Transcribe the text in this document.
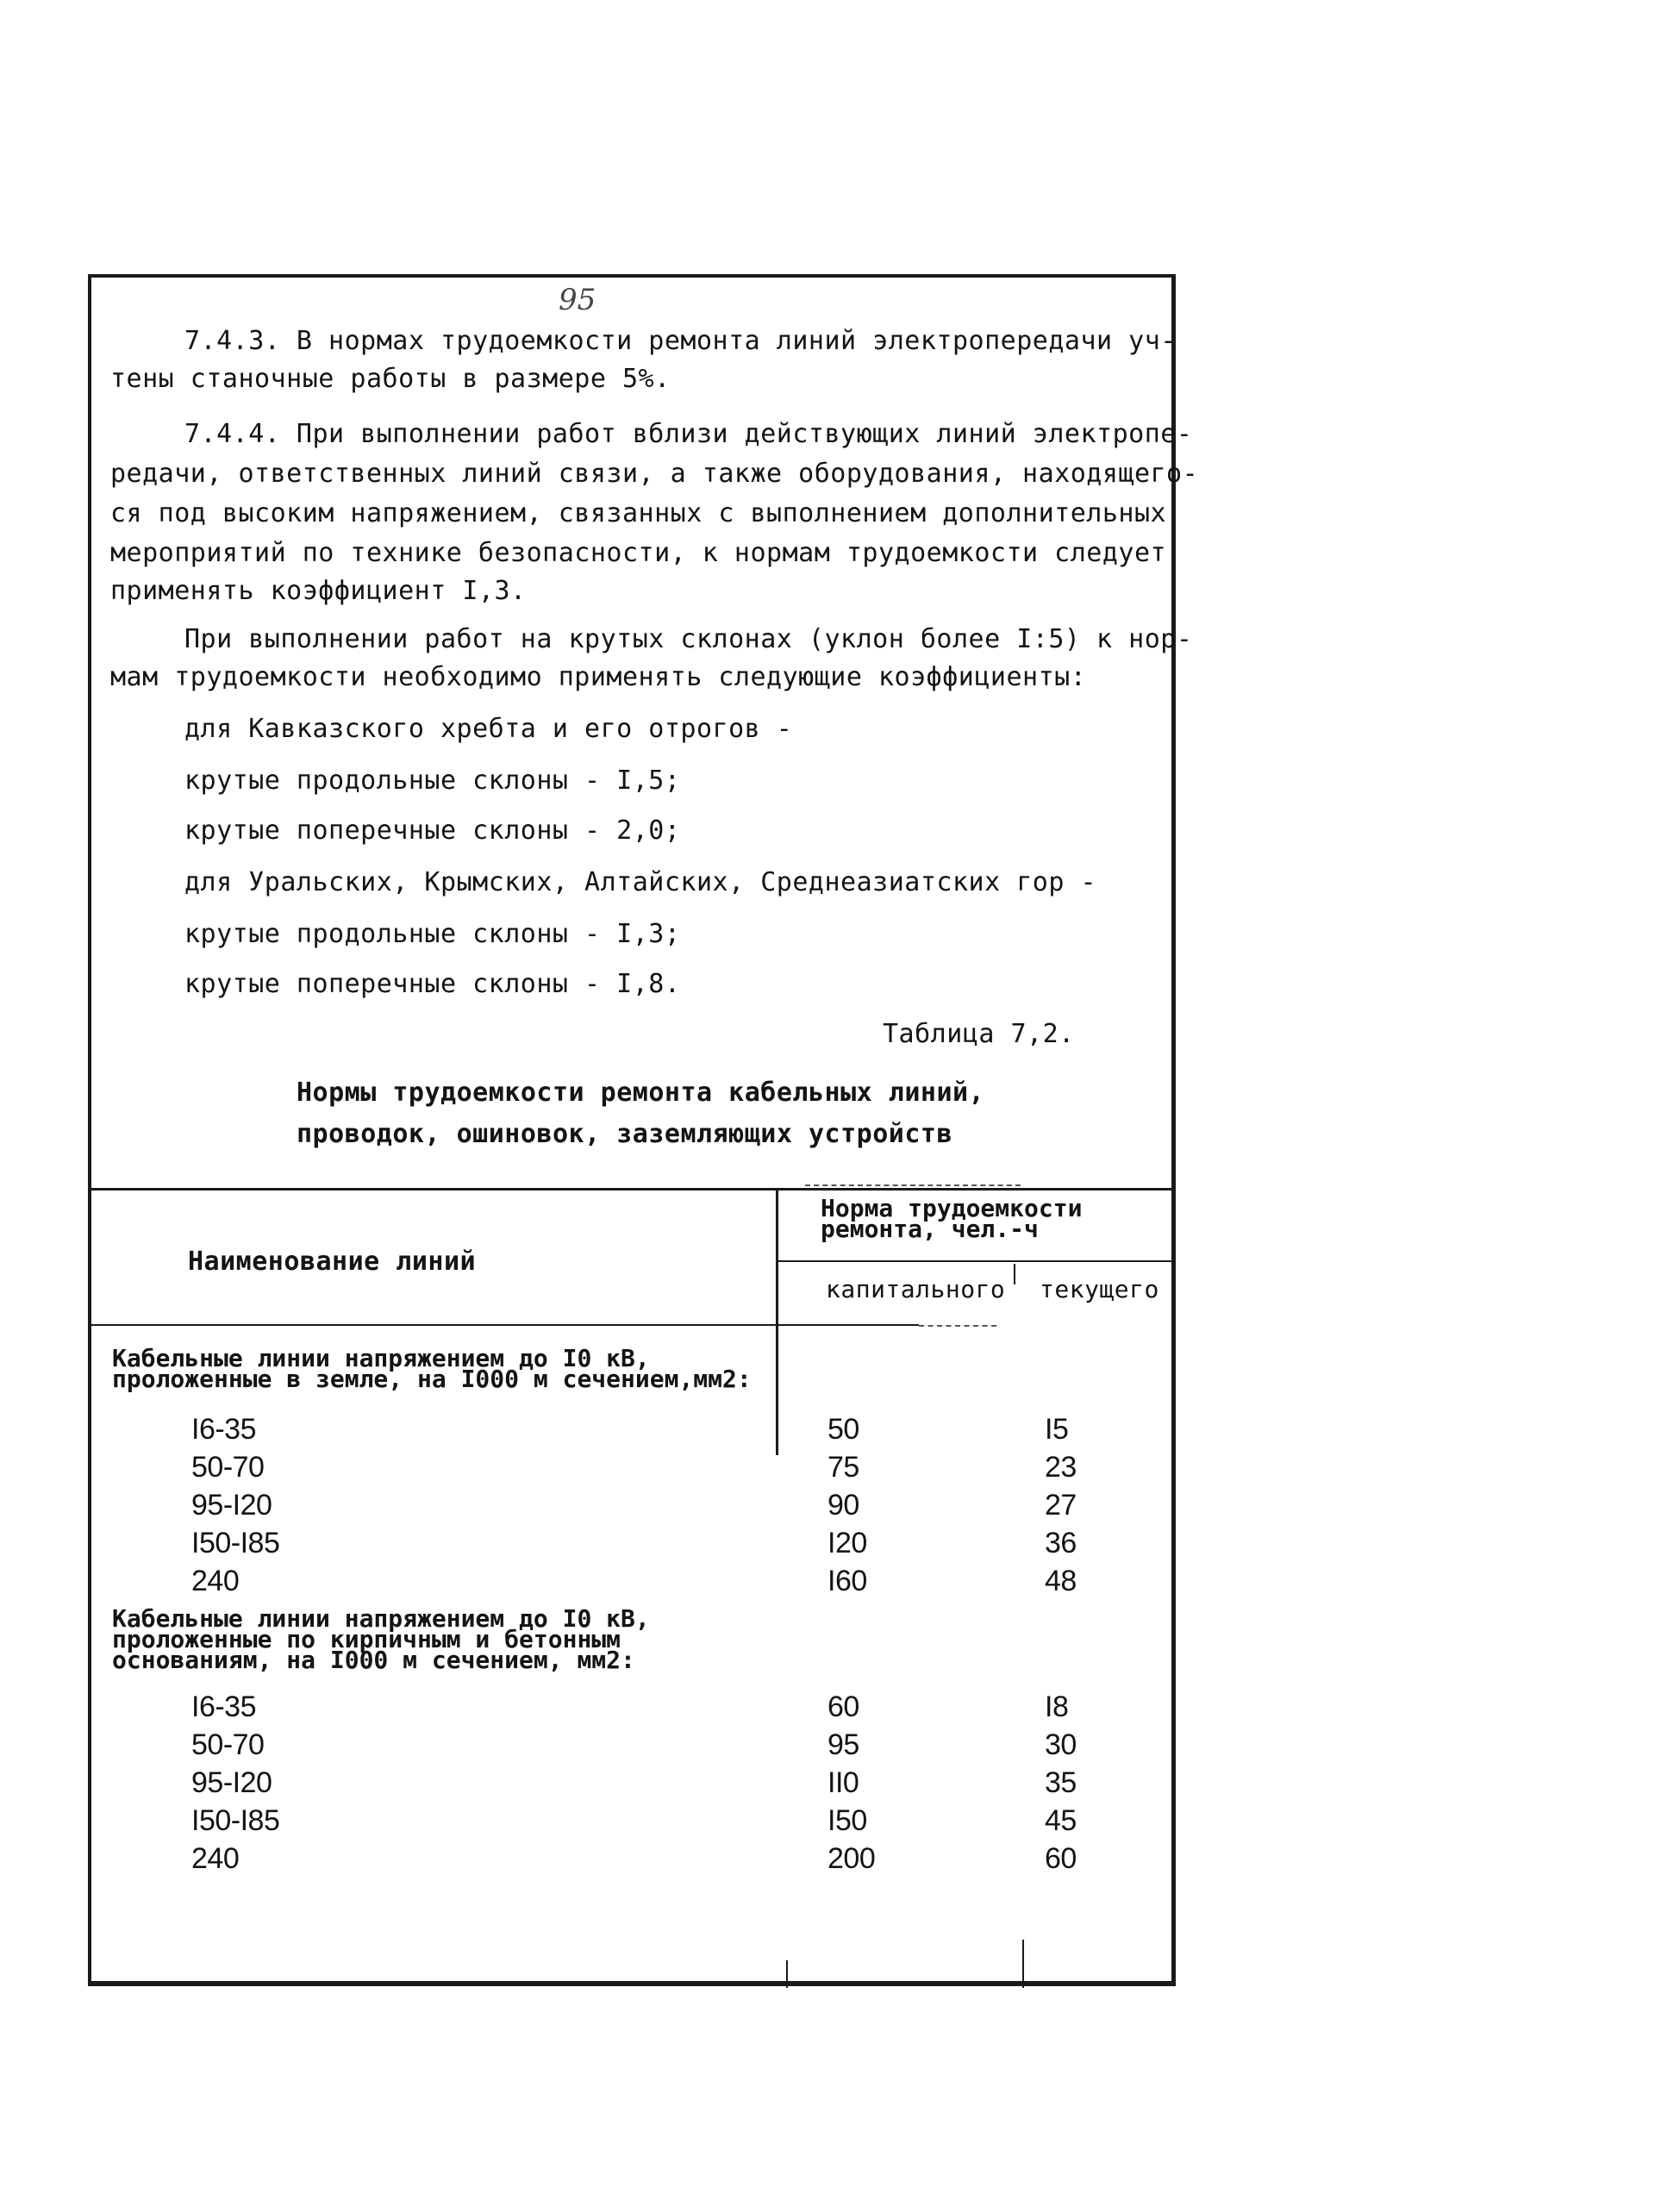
95
7.4.3. В нормах трудоемкости ремонта линий электропередачи уч-
тены станочные работы в размере 5%.
7.4.4. При выполнении работ вблизи действующих линий электропе-
редачи, ответственных линий связи, а также оборудования, находящего-
ся под высоким напряжением, связанных с выполнением дополнительных
мероприятий по технике безопасности, к нормам трудоемкости следует
применять коэффициент I,3.
При выполнении работ на крутых склонах (уклон более I:5) к нор-
мам трудоемкости необходимо применять следующие коэффициенты:
для Кавказского хребта и его отрогов -
крутые продольные склоны - I,5;
крутые поперечные склоны - 2,0;
для Уральских, Крымских, Алтайских, Среднеазиатских гор -
крутые продольные склоны - I,3;
крутые поперечные склоны - I,8.
Таблица 7,2.
Нормы трудоемкости ремонта кабельных линий,
проводок, ошиновок, заземляющих устройств
Наименование линий
Норма трудоемкости
ремонта, чел.-ч
капитального текущего
Кабельные линии напряжением до I0 кВ,
проложенные в земле, на I000 м сечением,мм2:
I6-35	50	I5
50-70	75	23
95-I20	90	27
I50-I85	I20	36
240	I60	48
Кабельные линии напряжением до I0 кВ,
проложенные по кирпичным и бетонным
основаниям, на I000 м сечением, мм2:
I6-35	60	I8
50-70	95	30
95-I20	II0	35
I50-I85	I50	45
240	200	60
